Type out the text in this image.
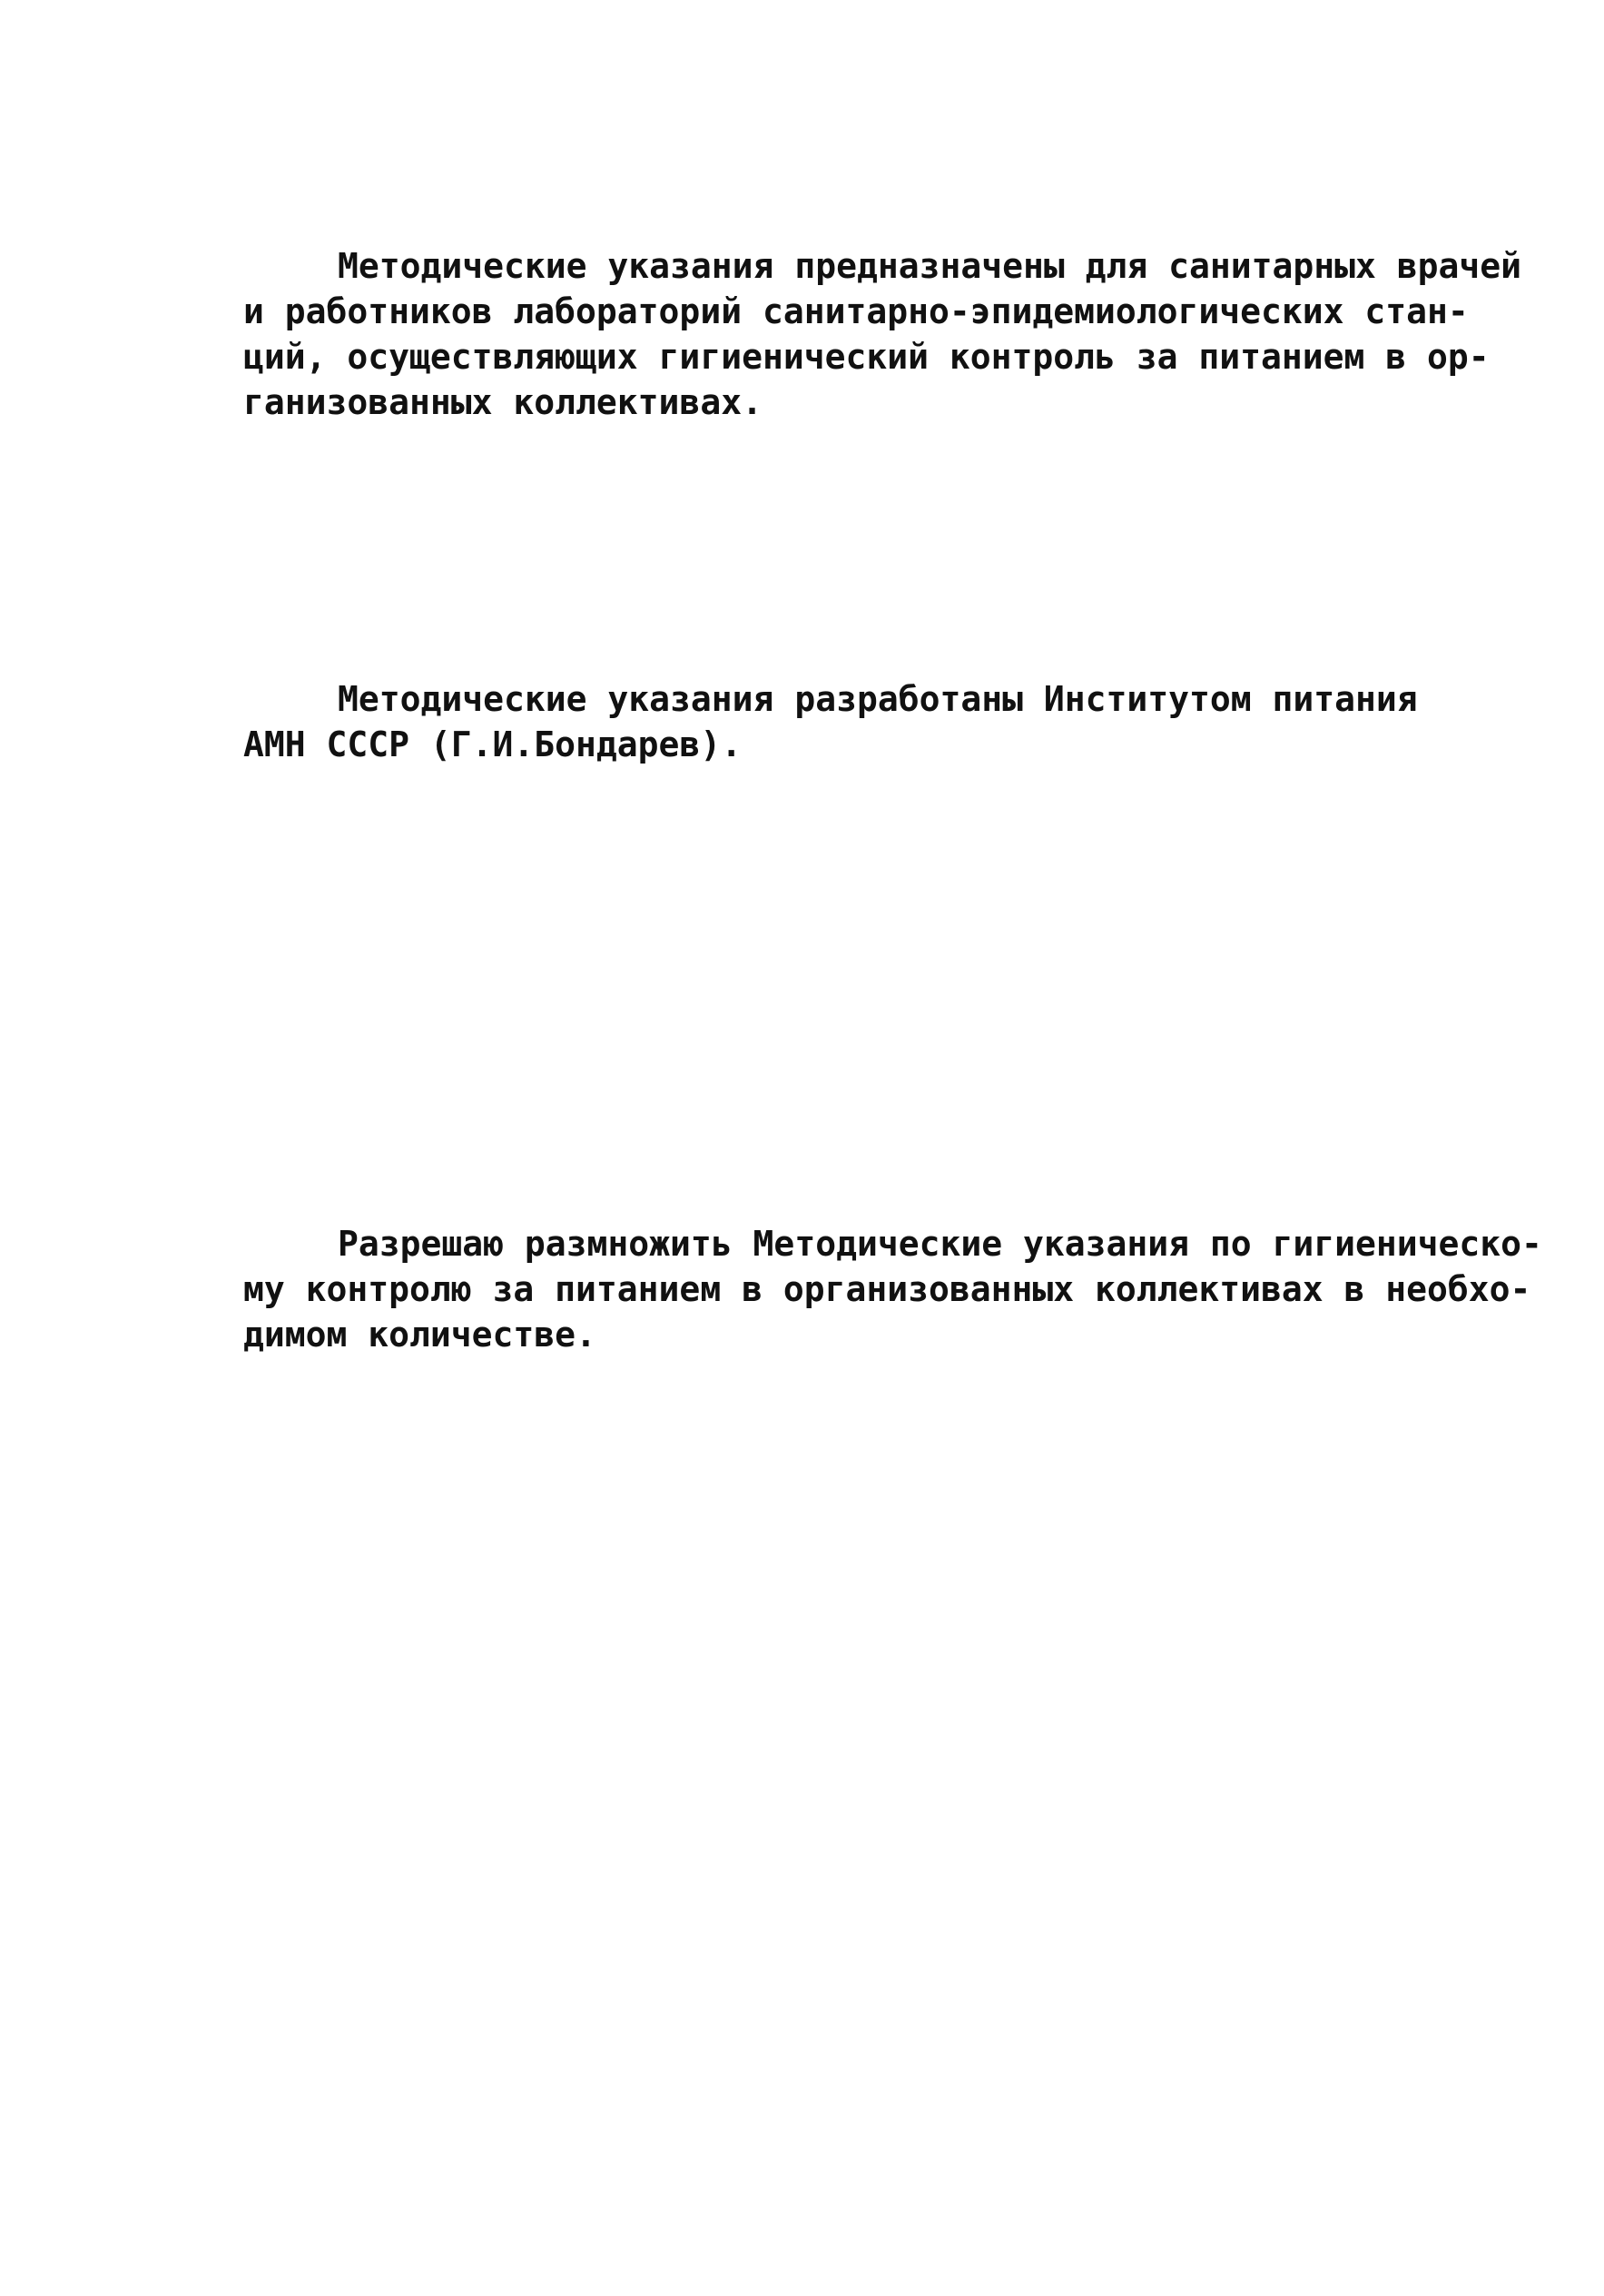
Методические указания предназначены для санитарных врачей
и работников лабораторий санитарно-эпидемиологических стан-
ций, осуществляющих гигиенический контроль за питанием в ор-
ганизованных коллективах.
Методические указания разработаны Институтом питания
АМН СССР (Г.И.Бондарев).
Разрешаю размножить Методические указания по гигиеническо-
му контролю за питанием в организованных коллективах в необхо-
димом количестве.
